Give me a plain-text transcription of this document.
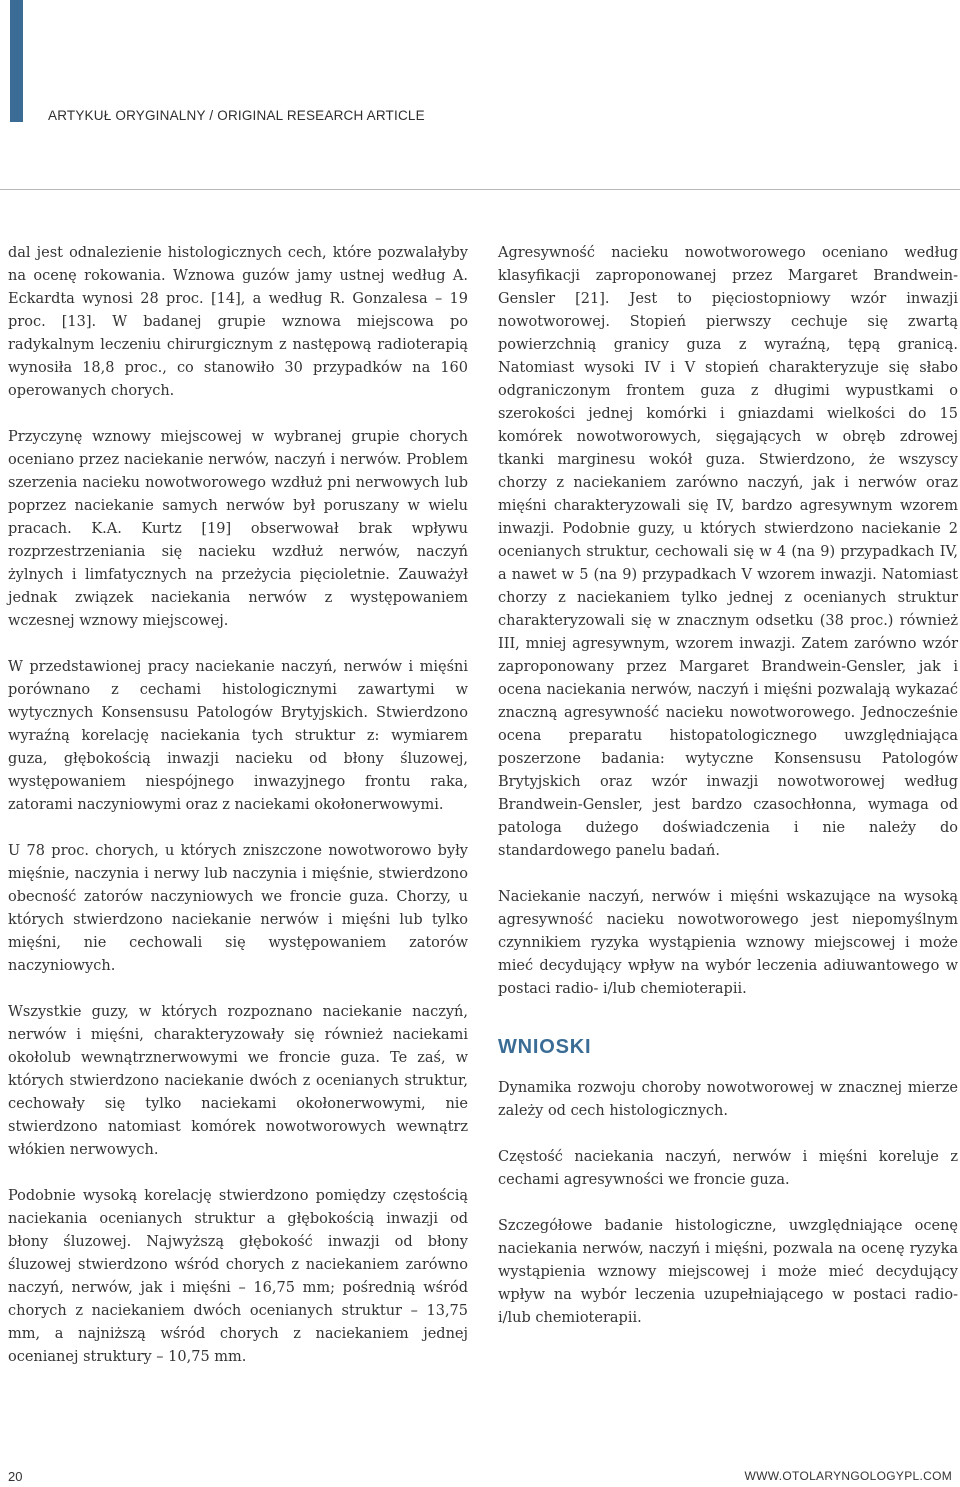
ARTYKUŁ ORYGINALNY / ORIGINAL RESEARCH ARTICLE

dal jest odnalezienie histologicznych cech, które pozwalałyby na ocenę rokowania. Wznowa guzów jamy ustnej według A. Eckardta wynosi 28 proc. [14], a według R. Gonzalesa – 19 proc. [13]. W badanej grupie wznowa miejscowa po radykalnym leczeniu chirurgicznym z następową radioterapią wynosiła 18,8 proc., co stanowiło 30 przypadków na 160 operowanych chorych.

Przyczynę wznowy miejscowej w wybranej grupie chorych oceniano przez naciekanie nerwów, naczyń i nerwów. Problem szerzenia nacieku nowotworowego wzdłuż pni nerwowych lub poprzez naciekanie samych nerwów był poruszany w wielu pracach. K.A. Kurtz [19] obserwował brak wpływu rozprzestrzeniania się nacieku wzdłuż nerwów, naczyń żylnych i limfatycznych na przeżycia pięcioletnie. Zauważył jednak związek naciekania nerwów z występowaniem wczesnej wznowy miejscowej.

W przedstawionej pracy naciekanie naczyń, nerwów i mięśni porównano z cechami histologicznymi zawartymi w wytycznych Konsensusu Patologów Brytyjskich. Stwierdzono wyraźną korelację naciekania tych struktur z: wymiarem guza, głębokością inwazji nacieku od błony śluzowej, występowaniem niespójnego inwazyjnego frontu raka, zatorami naczyniowymi oraz z naciekami okołonerwowymi.

U 78 proc. chorych, u których zniszczone nowotworowo były mięśnie, naczynia i nerwy lub naczynia i mięśnie, stwierdzono obecność zatorów naczyniowych we froncie guza. Chorzy, u których stwierdzono naciekanie nerwów i mięśni lub tylko mięśni, nie cechowali się występowaniem zatorów naczyniowych.

Wszystkie guzy, w których rozpoznano naciekanie naczyń, nerwów i mięśni, charakteryzowały się również naciekami okołolub wewnątrznerwowymi we froncie guza. Te zaś, w których stwierdzono naciekanie dwóch z ocenianych struktur, cechowały się tylko naciekami okołonerwowymi, nie stwierdzono natomiast komórek nowotworowych wewnątrz włókien nerwowych.

Podobnie wysoką korelację stwierdzono pomiędzy częstością naciekania ocenianych struktur a głębokością inwazji od błony śluzowej. Najwyższą głębokość inwazji od błony śluzowej stwierdzono wśród chorych z naciekaniem zarówno naczyń, nerwów, jak i mięśni – 16,75 mm; pośrednią wśród chorych z naciekaniem dwóch ocenianych struktur – 13,75 mm, a najniższą wśród chorych z naciekaniem jednej ocenianej struktury – 10,75 mm.

Agresywność nacieku nowotworowego oceniano według klasyfikacji zaproponowanej przez Margaret Brandwein-Gensler [21]. Jest to pięciostopniowy wzór inwazji nowotworowej. Stopień pierwszy cechuje się zwartą powierzchnią granicy guza z wyraźną, tępą granicą. Natomiast wysoki IV i V stopień charakteryzuje się słabo odgraniczonym frontem guza z długimi wypustkami o szerokości jednej komórki i gniazdami wielkości do 15 komórek nowotworowych, sięgających w obręb zdrowej tkanki marginesu wokół guza. Stwierdzono, że wszyscy chorzy z naciekaniem zarówno naczyń, jak i nerwów oraz mięśni charakteryzowali się IV, bardzo agresywnym wzorem inwazji. Podobnie guzy, u których stwierdzono naciekanie 2 ocenianych struktur, cechowali się w 4 (na 9) przypadkach IV, a nawet w 5 (na 9) przypadkach V wzorem inwazji. Natomiast chorzy z naciekaniem tylko jednej z ocenianych struktur charakteryzowali się w znacznym odsetku (38 proc.) również III, mniej agresywnym, wzorem inwazji. Zatem zarówno wzór zaproponowany przez Margaret Brandwein-Gensler, jak i ocena naciekania nerwów, naczyń i mięśni pozwalają wykazać znaczną agresywność nacieku nowotworowego. Jednocześnie ocena preparatu histopatologicznego uwzględniająca poszerzone badania: wytyczne Konsensusu Patologów Brytyjskich oraz wzór inwazji nowotworowej według Brandwein-Gensler, jest bardzo czasochłonna, wymaga od patologa dużego doświadczenia i nie należy do standardowego panelu badań.

Naciekanie naczyń, nerwów i mięśni wskazujące na wysoką agresywność nacieku nowotworowego jest niepomyślnym czynnikiem ryzyka wystąpienia wznowy miejscowej i może mieć decydujący wpływ na wybór leczenia adiuwantowego w postaci radio- i/lub chemioterapii.

WNIOSKI

Dynamika rozwoju choroby nowotworowej w znacznej mierze zależy od cech histologicznych.

Częstość naciekania naczyń, nerwów i mięśni koreluje z cechami agresywności we froncie guza.

Szczegółowe badanie histologiczne, uwzględniające ocenę naciekania nerwów, naczyń i mięśni, pozwala na ocenę ryzyka wystąpienia wznowy miejscowej i może mieć decydujący wpływ na wybór leczenia uzupełniającego w postaci radio- i/lub chemioterapii.

20	WWW.OTOLARYNGOLOGYPL.COM
